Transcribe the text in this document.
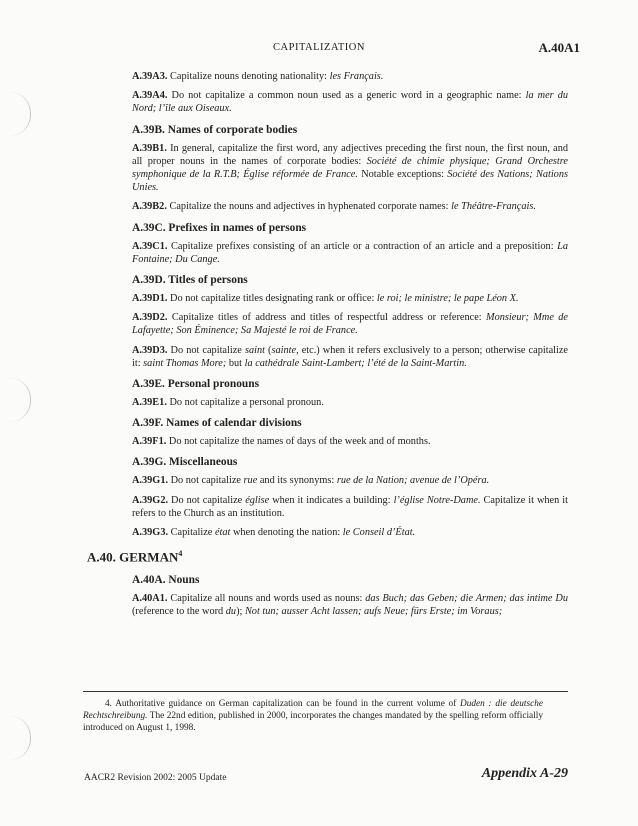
CAPITALIZATION	A.40A1

A.39A3. Capitalize nouns denoting nationality: les Français.

A.39A4. Do not capitalize a common noun used as a generic word in a geographic name: la mer du Nord; l’île aux Oiseaux.

A.39B. Names of corporate bodies

A.39B1. In general, capitalize the first word, any adjectives preceding the first noun, the first noun, and all proper nouns in the names of corporate bodies: Société de chimie physique; Grand Orchestre symphonique de la R.T.B; Église réformée de France. Notable exceptions: Société des Nations; Nations Unies.

A.39B2. Capitalize the nouns and adjectives in hyphenated corporate names: le Théâtre-Français.

A.39C. Prefixes in names of persons

A.39C1. Capitalize prefixes consisting of an article or a contraction of an article and a preposition: La Fontaine; Du Cange.

A.39D. Titles of persons

A.39D1. Do not capitalize titles designating rank or office: le roi; le ministre; le pape Léon X.

A.39D2. Capitalize titles of address and titles of respectful address or reference: Monsieur; Mme de Lafayette; Son Éminence; Sa Majesté le roi de France.

A.39D3. Do not capitalize saint (sainte, etc.) when it refers exclusively to a person; otherwise capitalize it: saint Thomas More; but la cathédrale Saint-Lambert; l’été de la Saint-Martin.

A.39E. Personal pronouns

A.39E1. Do not capitalize a personal pronoun.

A.39F. Names of calendar divisions

A.39F1. Do not capitalize the names of days of the week and of months.

A.39G. Miscellaneous

A.39G1. Do not capitalize rue and its synonyms: rue de la Nation; avenue de l’Opéra.

A.39G2. Do not capitalize église when it indicates a building: l’église Notre-Dame. Capitalize it when it refers to the Church as an institution.

A.39G3. Capitalize état when denoting the nation: le Conseil d’État.

A.40. GERMAN$^4$
A.40A. Nouns

A.40A1. Capitalize all nouns and words used as nouns: das Buch; das Geben; die Armen; das intime Du (reference to the word du); Not tun; ausser Acht lassen; aufs Neue; fürs Erste; im Voraus;

4. Authoritative guidance on German capitalization can be found in the current volume of Duden : die deutsche Rechtschreibung. The 22nd edition, published in 2000, incorporates the changes mandated by the spelling reform officially introduced on August 1, 1998.
AACR2 Revision 2002: 2005 Update	Appendix A-29
